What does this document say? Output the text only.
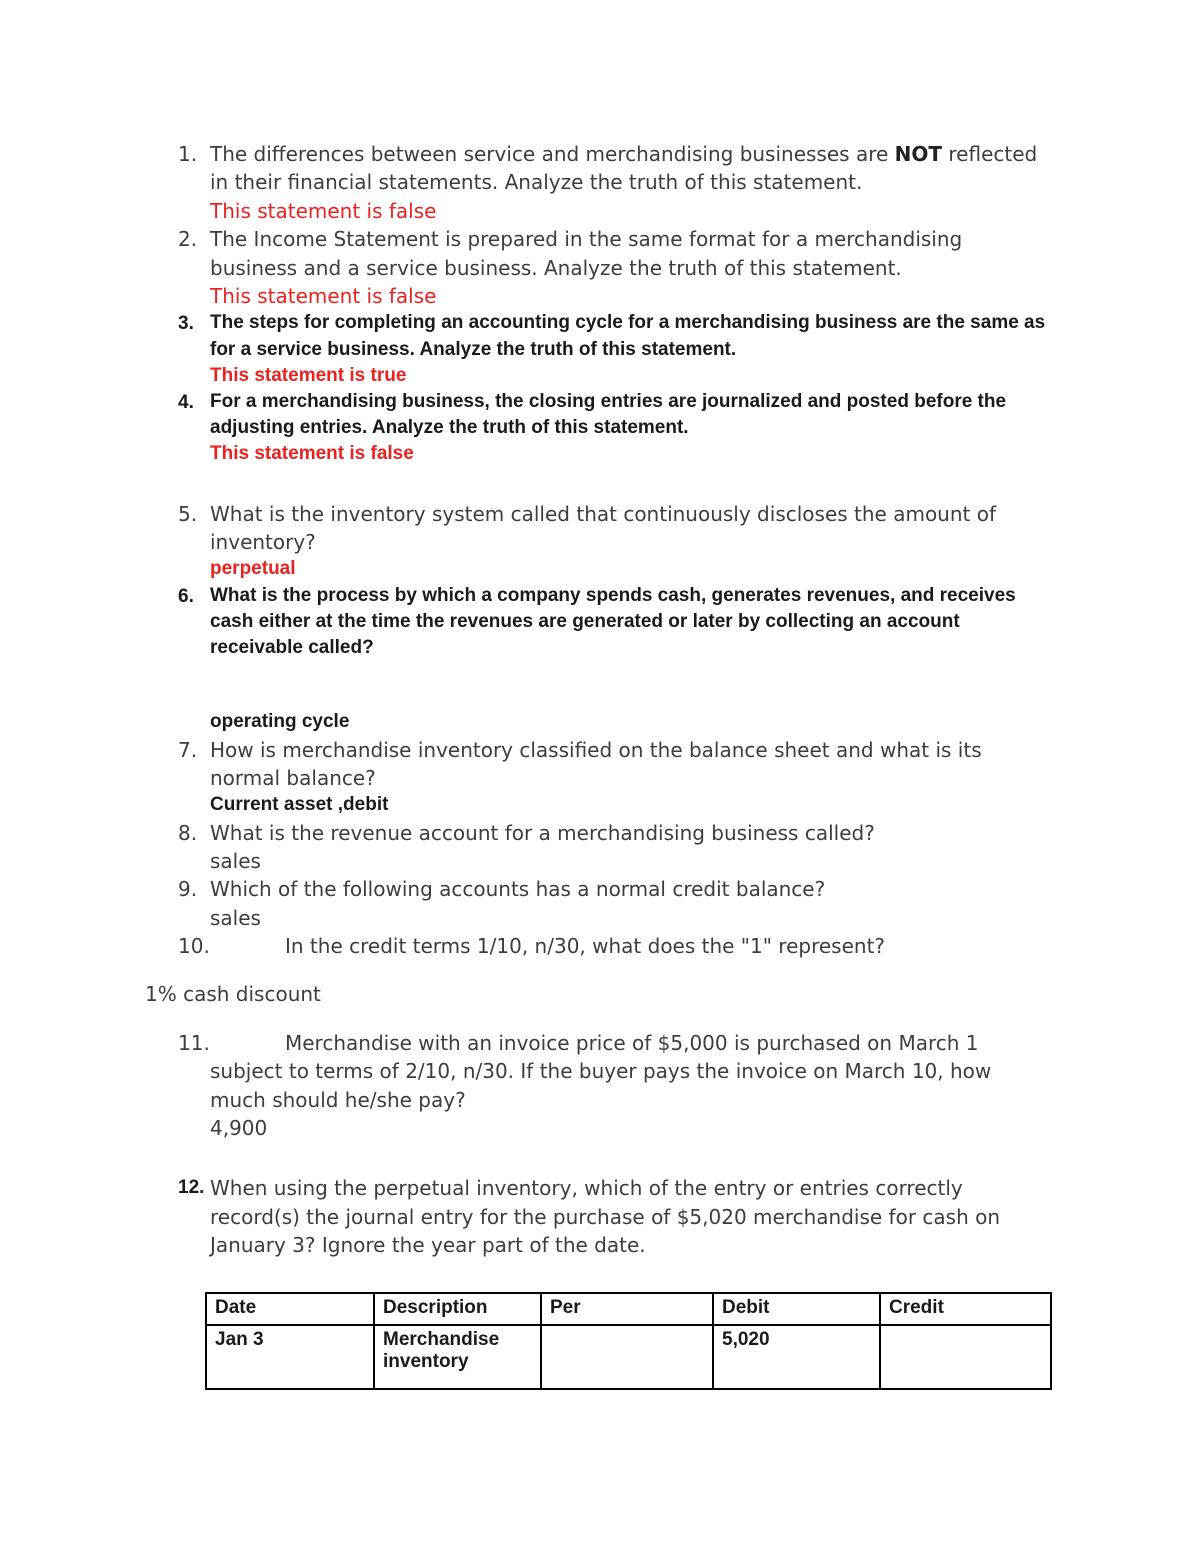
1. The differences between service and merchandising businesses are NOT reflected in their financial statements. Analyze the truth of this statement.

This statement is false

2. The Income Statement is prepared in the same format for a merchandising business and a service business. Analyze the truth of this statement.

This statement is false

3. The steps for completing an accounting cycle for a merchandising business are the same as for a service business. Analyze the truth of this statement.

This statement is true

4. For a merchandising business, the closing entries are journalized and posted before the adjusting entries. Analyze the truth of this statement.

This statement is false

5. What is the inventory system called that continuously discloses the amount of inventory?

perpetual

6. What is the process by which a company spends cash, generates revenues, and receives cash either at the time the revenues are generated or later by collecting an account receivable called?

operating cycle

7. How is merchandise inventory classified on the balance sheet and what is its normal balance?

Current asset ,debit

8. What is the revenue account for a merchandising business called?

sales

9. Which of the following accounts has a normal credit balance?

sales

10.	In the credit terms 1/10, n/30, what does the "1" represent?

1% cash discount

11.	Merchandise with an invoice price of $5,000 is purchased on March 1 subject to terms of 2/10, n/30. If the buyer pays the invoice on March 10, how much should he/she pay?

4,900

12. When using the perpetual inventory, which of the entry or entries correctly record(s) the journal entry for the purchase of $5,020 merchandise for cash on January 3? Ignore the year part of the date.

Date	Description	Per	Debit	Credit
Jan 3	Merchandise inventory		5,020	
